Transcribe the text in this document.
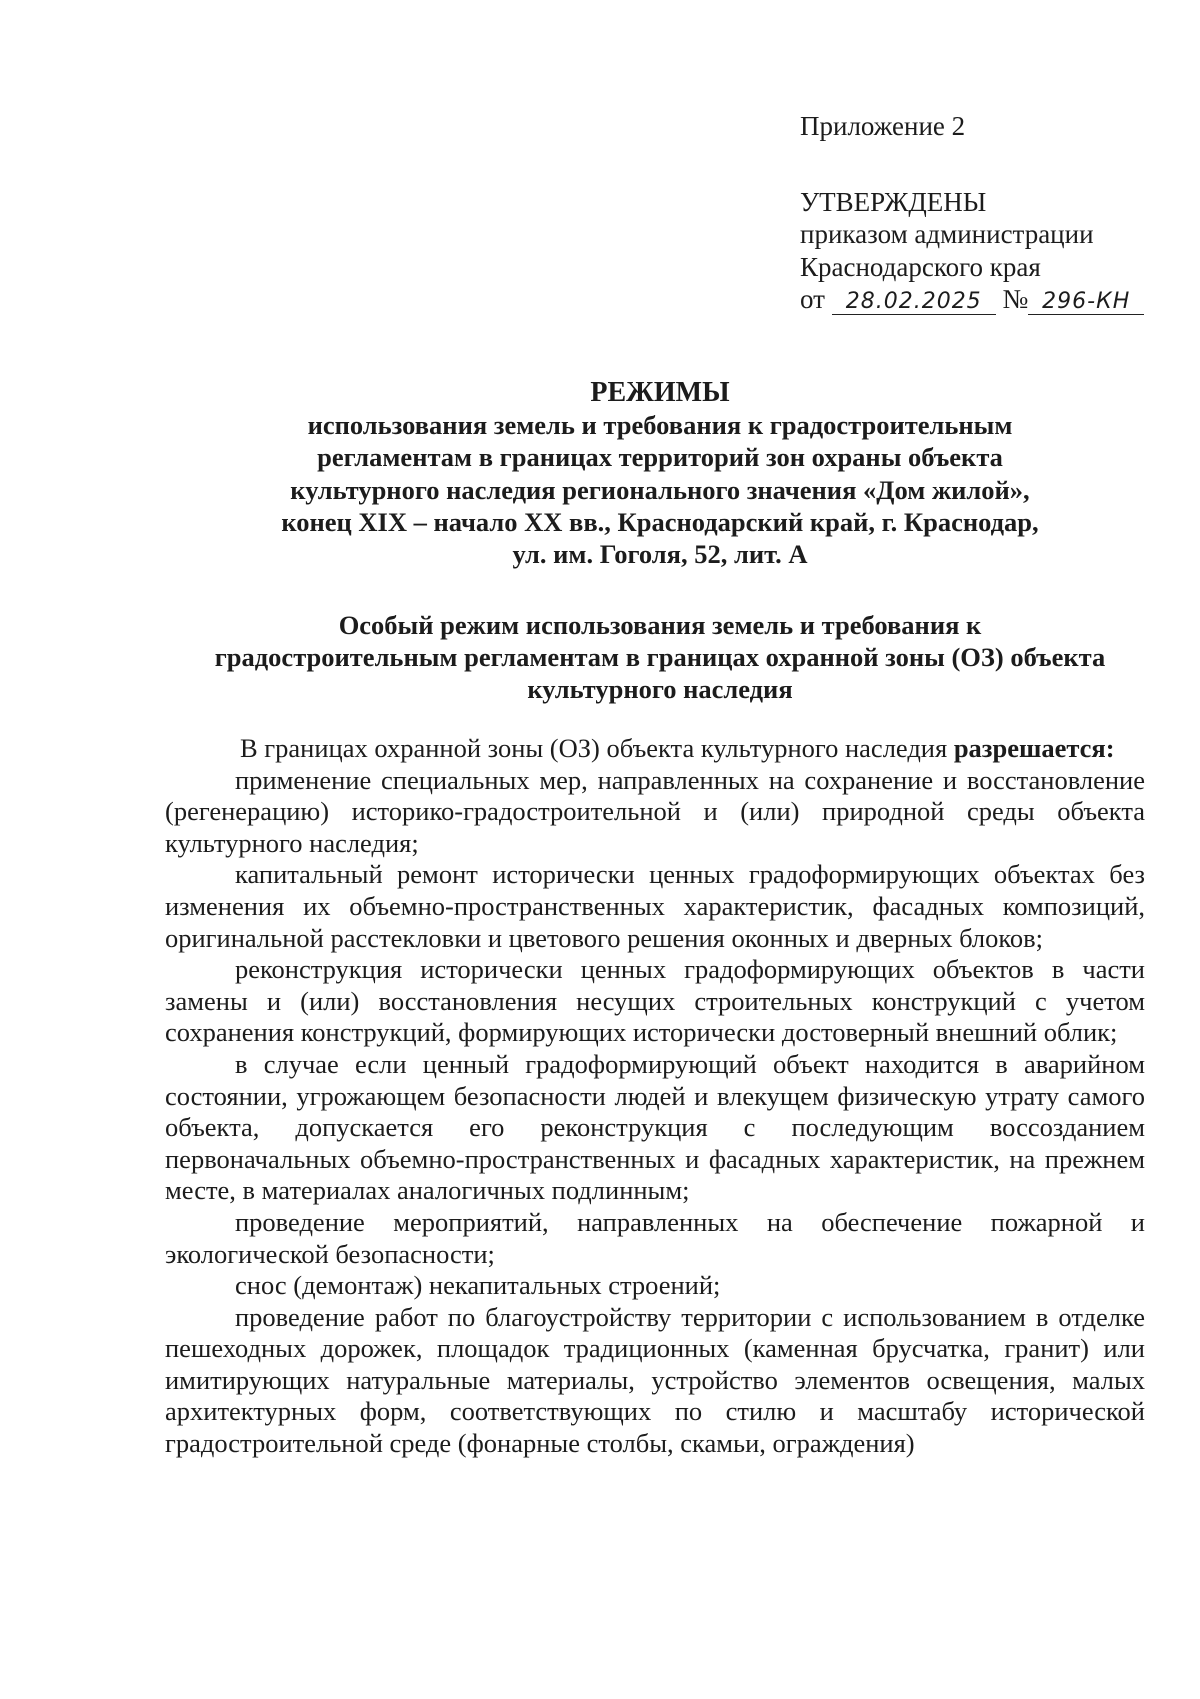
Приложение 2
УТВЕРЖДЕНЫ
приказом администрации
Краснодарского края
от 28.02.2025 № 296-КН
РЕЖИМЫ
использования земель и требования к градостроительным
регламентам в границах территорий зон охраны объекта
культурного наследия регионального значения «Дом жилой»,
конец XIX – начало XX вв., Краснодарский край, г. Краснодар,
ул. им. Гоголя, 52, лит. А
Особый режим использования земель и требования к
градостроительным регламентам в границах охранной зоны (ОЗ) объекта
культурного наследия

В границах охранной зоны (ОЗ) объекта культурного наследия разрешается:

применение специальных мер, направленных на сохранение и восстановление (регенерацию) историко-градостроительной и (или) природной среды объекта культурного наследия;

капитальный ремонт исторически ценных градоформирующих объектах без изменения их объемно-пространственных характеристик, фасадных композиций, оригинальной расстекловки и цветового решения оконных и дверных блоков;

реконструкция исторически ценных градоформирующих объектов в части замены и (или) восстановления несущих строительных конструкций с учетом сохранения конструкций, формирующих исторически достоверный внешний облик;

в случае если ценный градоформирующий объект находится в аварийном состоянии, угрожающем безопасности людей и влекущем физическую утрату самого объекта, допускается его реконструкция с последующим воссозданием первоначальных объемно-пространственных и фасадных характеристик, на прежнем месте, в материалах аналогичных подлинным;

проведение мероприятий, направленных на обеспечение пожарной и экологической безопасности;

снос (демонтаж) некапитальных строений;

проведение работ по благоустройству территории с использованием в отделке пешеходных дорожек, площадок традиционных (каменная брусчатка, гранит) или имитирующих натуральные материалы, устройство элементов освещения, малых архитектурных форм, соответствующих по стилю и масштабу исторической градостроительной среде (фонарные столбы, скамьи, ограждения)
